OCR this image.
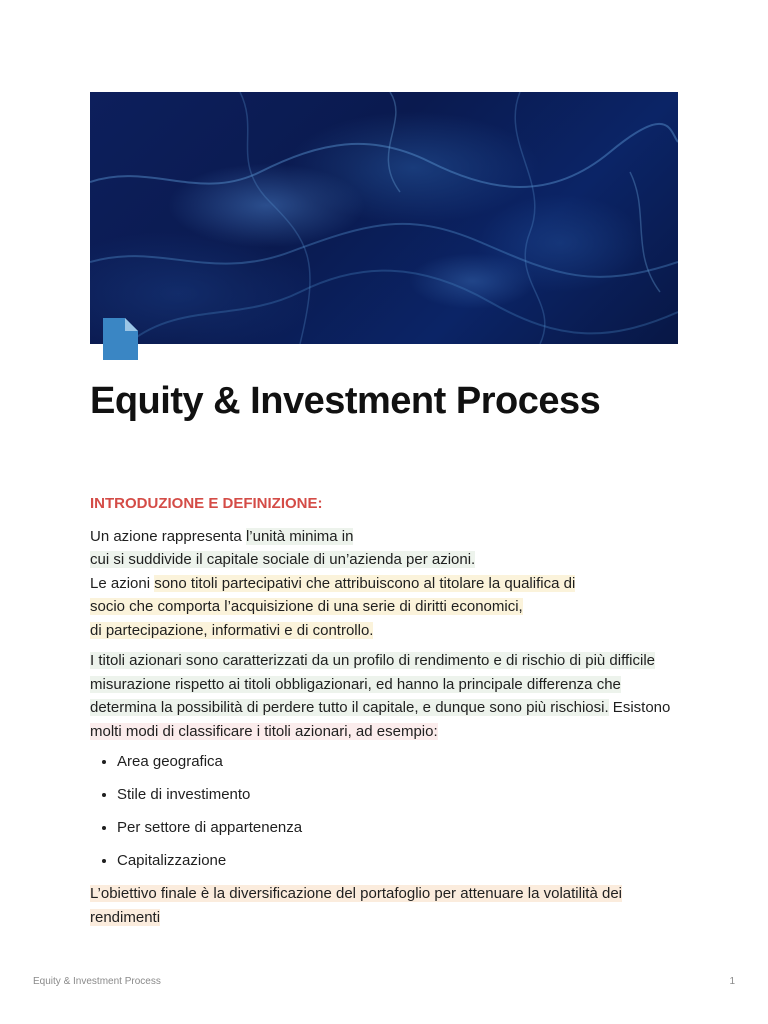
Equity & Investment Process
INTRODUZIONE E DEFINIZIONE:

Un azione rappresenta l’unità minima in
cui si suddivide il capitale sociale di un’azienda per azioni.
Le azioni sono titoli partecipativi che attribuiscono al titolare la qualifica di
socio che comporta l’acquisizione di una serie di diritti economici,
di partecipazione, informativi e di controllo.

I titoli azionari sono caratterizzati da un profilo di rendimento e di rischio di più difficile misurazione rispetto ai titoli obbligazionari, ed hanno la principale differenza che determina la possibilità di perdere tutto il capitale, e dunque sono più rischiosi. Esistono molti modi di classificare i titoli azionari, ad esempio:

• Area geografica
• Stile di investimento
• Per settore di appartenenza
• Capitalizzazione

L’obiettivo finale è la diversificazione del portafoglio per attenuare la volatilità dei rendimenti

Equity & Investment Process	1
